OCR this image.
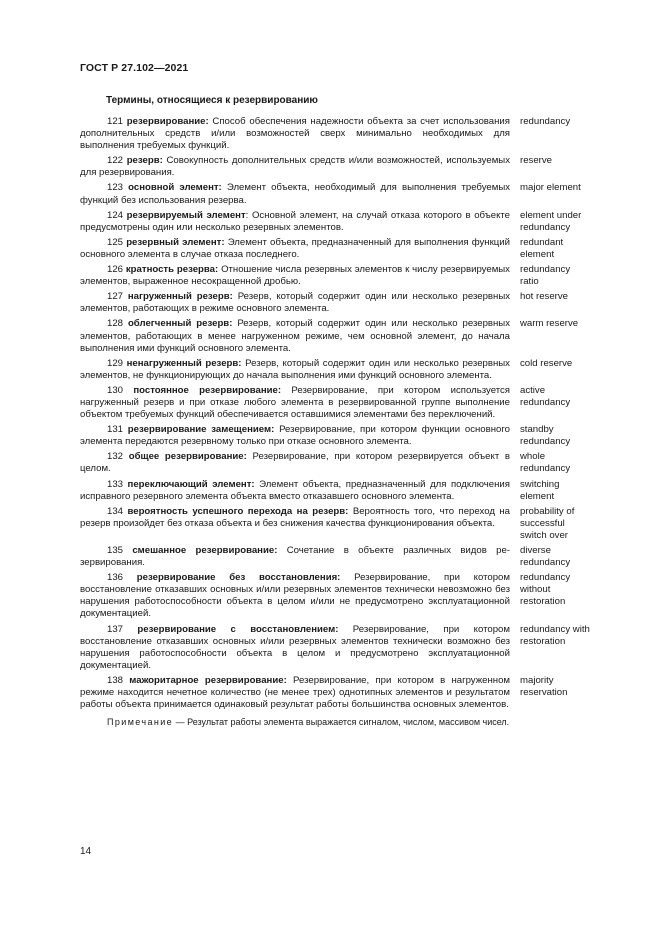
ГОСТ Р 27.102—2021
Термины, относящиеся к резервированию

121 резервирование: Способ обеспечения надежности объекта за счет использования дополнительных средств и/или возможностей сверх минимально необходимых для выполнения требуемых функций.

redundancy

122 резерв: Совокупность дополнительных средств и/или возможностей, используемых для резервирования.

reserve

123 основной элемент: Элемент объекта, необходимый для выполнения требуемых функций без использования резерва.

major element

124 резервируемый элемент: Основной элемент, на случай отказа которого в объекте предусмотрены один или несколько резервных элементов.

element under
redundancy

125 резервный элемент: Элемент объекта, предназначенный для выполнения функций основного элемента в случае отказа последнего.

redundant
element

126 кратность резерва: Отношение числа резервных элементов к числу резервируемых элементов, выраженное несокращенной дробью.

redundancy
ratio

127 нагруженный резерв: Резерв, который содержит один или несколько резервных элементов, работающих в режиме основного элемента.

hot reserve

128 облегченный резерв: Резерв, который содержит один или несколько резервных элементов, работающих в менее нагруженном режиме, чем основной элемент, до начала выполнения ими функций основного элемента.

warm reserve

129 ненагруженный резерв: Резерв, который содержит один или несколько резервных элементов, не функционирующих до начала выполнения ими функций основного элемента.

cold reserve

130 постоянное резервирование: Резервирование, при котором используется нагруженный резерв и при отказе любого элемента в резервированной группе выполнение объектом требуемых функций обеспечивается оставшимися элементами без переключений.

active
redundancy

131 резервирование замещением: Резервирование, при котором функции основного элемента передаются резервному только при отказе основного элемента.

standby
redundancy

132 общее резервирование: Резервирование, при котором резервируется объект в целом.

whole
redundancy

133 переключающий элемент: Элемент объекта, предназначенный для подключения исправного резервного элемента объекта вместо отказавшего основного элемента.

switching
element

134 вероятность успешного перехода на резерв: Вероятность того, что переход на резерв произойдет без отказа объекта и без снижения качества функционирования объекта.

probability of
successful
switch over

135 смешанное резервирование: Сочетание в объекте различных видов резервирования.

diverse
redundancy

136 резервирование без восстановления: Резервирование, при котором восстановление отказавших основных и/или резервных элементов технически невозможно без нарушения работоспособности объекта в целом и/или не предусмотрено эксплуатационной документацией.

redundancy
without
restoration

137 резервирование с восстановлением: Резервирование, при котором восстановление отказавших основных и/или резервных элементов технически возможно без нарушения работоспособности объекта в целом и предусмотрено эксплуатационной документацией.

redundancy with
restoration

138 мажоритарное резервирование: Резервирование, при котором в нагруженном режиме находится нечетное количество (не менее трех) однотипных элементов и результатом работы объекта принимается одинаковый результат работы большинства основных элементов.

majority
reservation
Примечание — Результат работы элемента выражается сигналом, числом, массивом чисел.
14
